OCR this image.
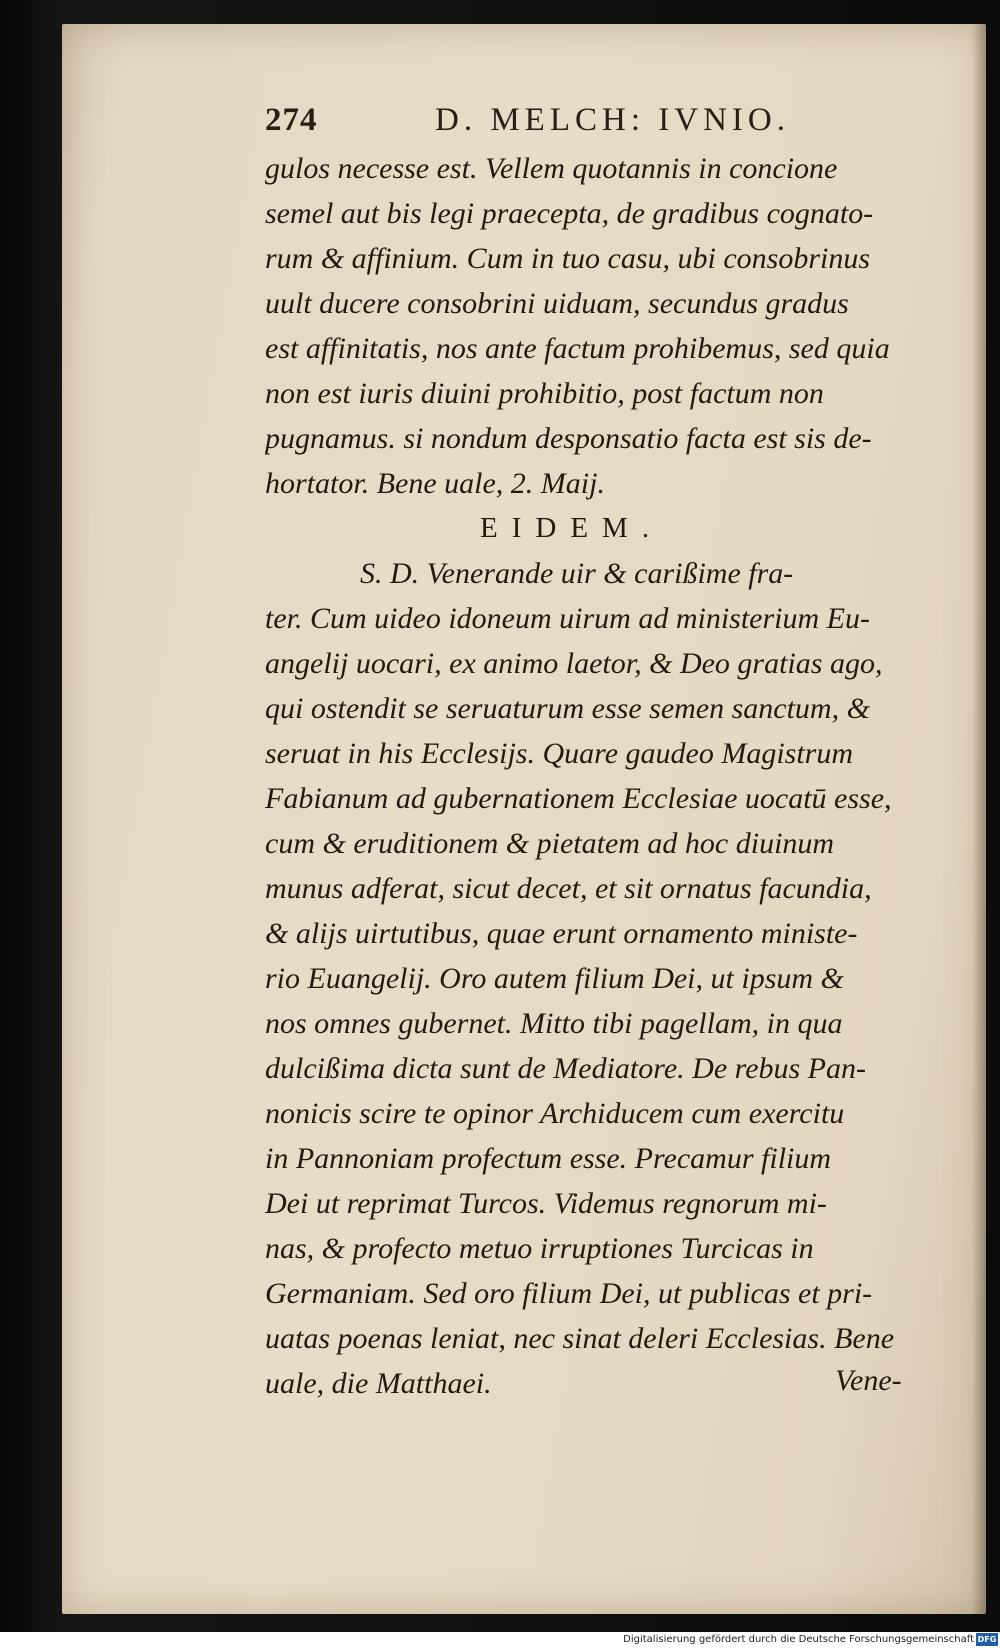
274	D. MELCH: IVNIO.
gulos necesse est. Vellem quotannis in concione
semel aut bis legi praecepta, de gradibus cognato-
rum & affinium. Cum in tuo casu, ubi consobrinus
uult ducere consobrini uiduam, secundus gradus
est affinitatis, nos ante factum prohibemus, sed quia
non est iuris diuini prohibitio, post factum non
pugnamus. si nondum desponsatio facta est sis de-
hortator. Bene uale, 2. Maij.
EIDEM.
S. D. Venerande uir & carißime fra-
ter. Cum uideo idoneum uirum ad ministerium Eu-
angelij uocari, ex animo laetor, & Deo gratias ago,
qui ostendit se seruaturum esse semen sanctum, &
seruat in his Ecclesijs. Quare gaudeo Magistrum
Fabianum ad gubernationem Ecclesiae uocatū esse,
cum & eruditionem & pietatem ad hoc diuinum
munus adferat, sicut decet, et sit ornatus facundia,
& alijs uirtutibus, quae erunt ornamento ministe-
rio Euangelij. Oro autem filium Dei, ut ipsum &
nos omnes gubernet. Mitto tibi pagellam, in qua
dulcißima dicta sunt de Mediatore. De rebus Pan-
nonicis scire te opinor Archiducem cum exercitu
in Pannoniam profectum esse. Precamur filium
Dei ut reprimat Turcos. Videmus regnorum mi-
nas, & profecto metuo irruptiones Turcicas in
Germaniam. Sed oro filium Dei, ut publicas et pri-
uatas poenas leniat, nec sinat deleri Ecclesias. Bene
uale, die Matthaei.	Vene-
Digitalisierung gefördert durch die Deutsche Forschungsgemeinschaft DFG
